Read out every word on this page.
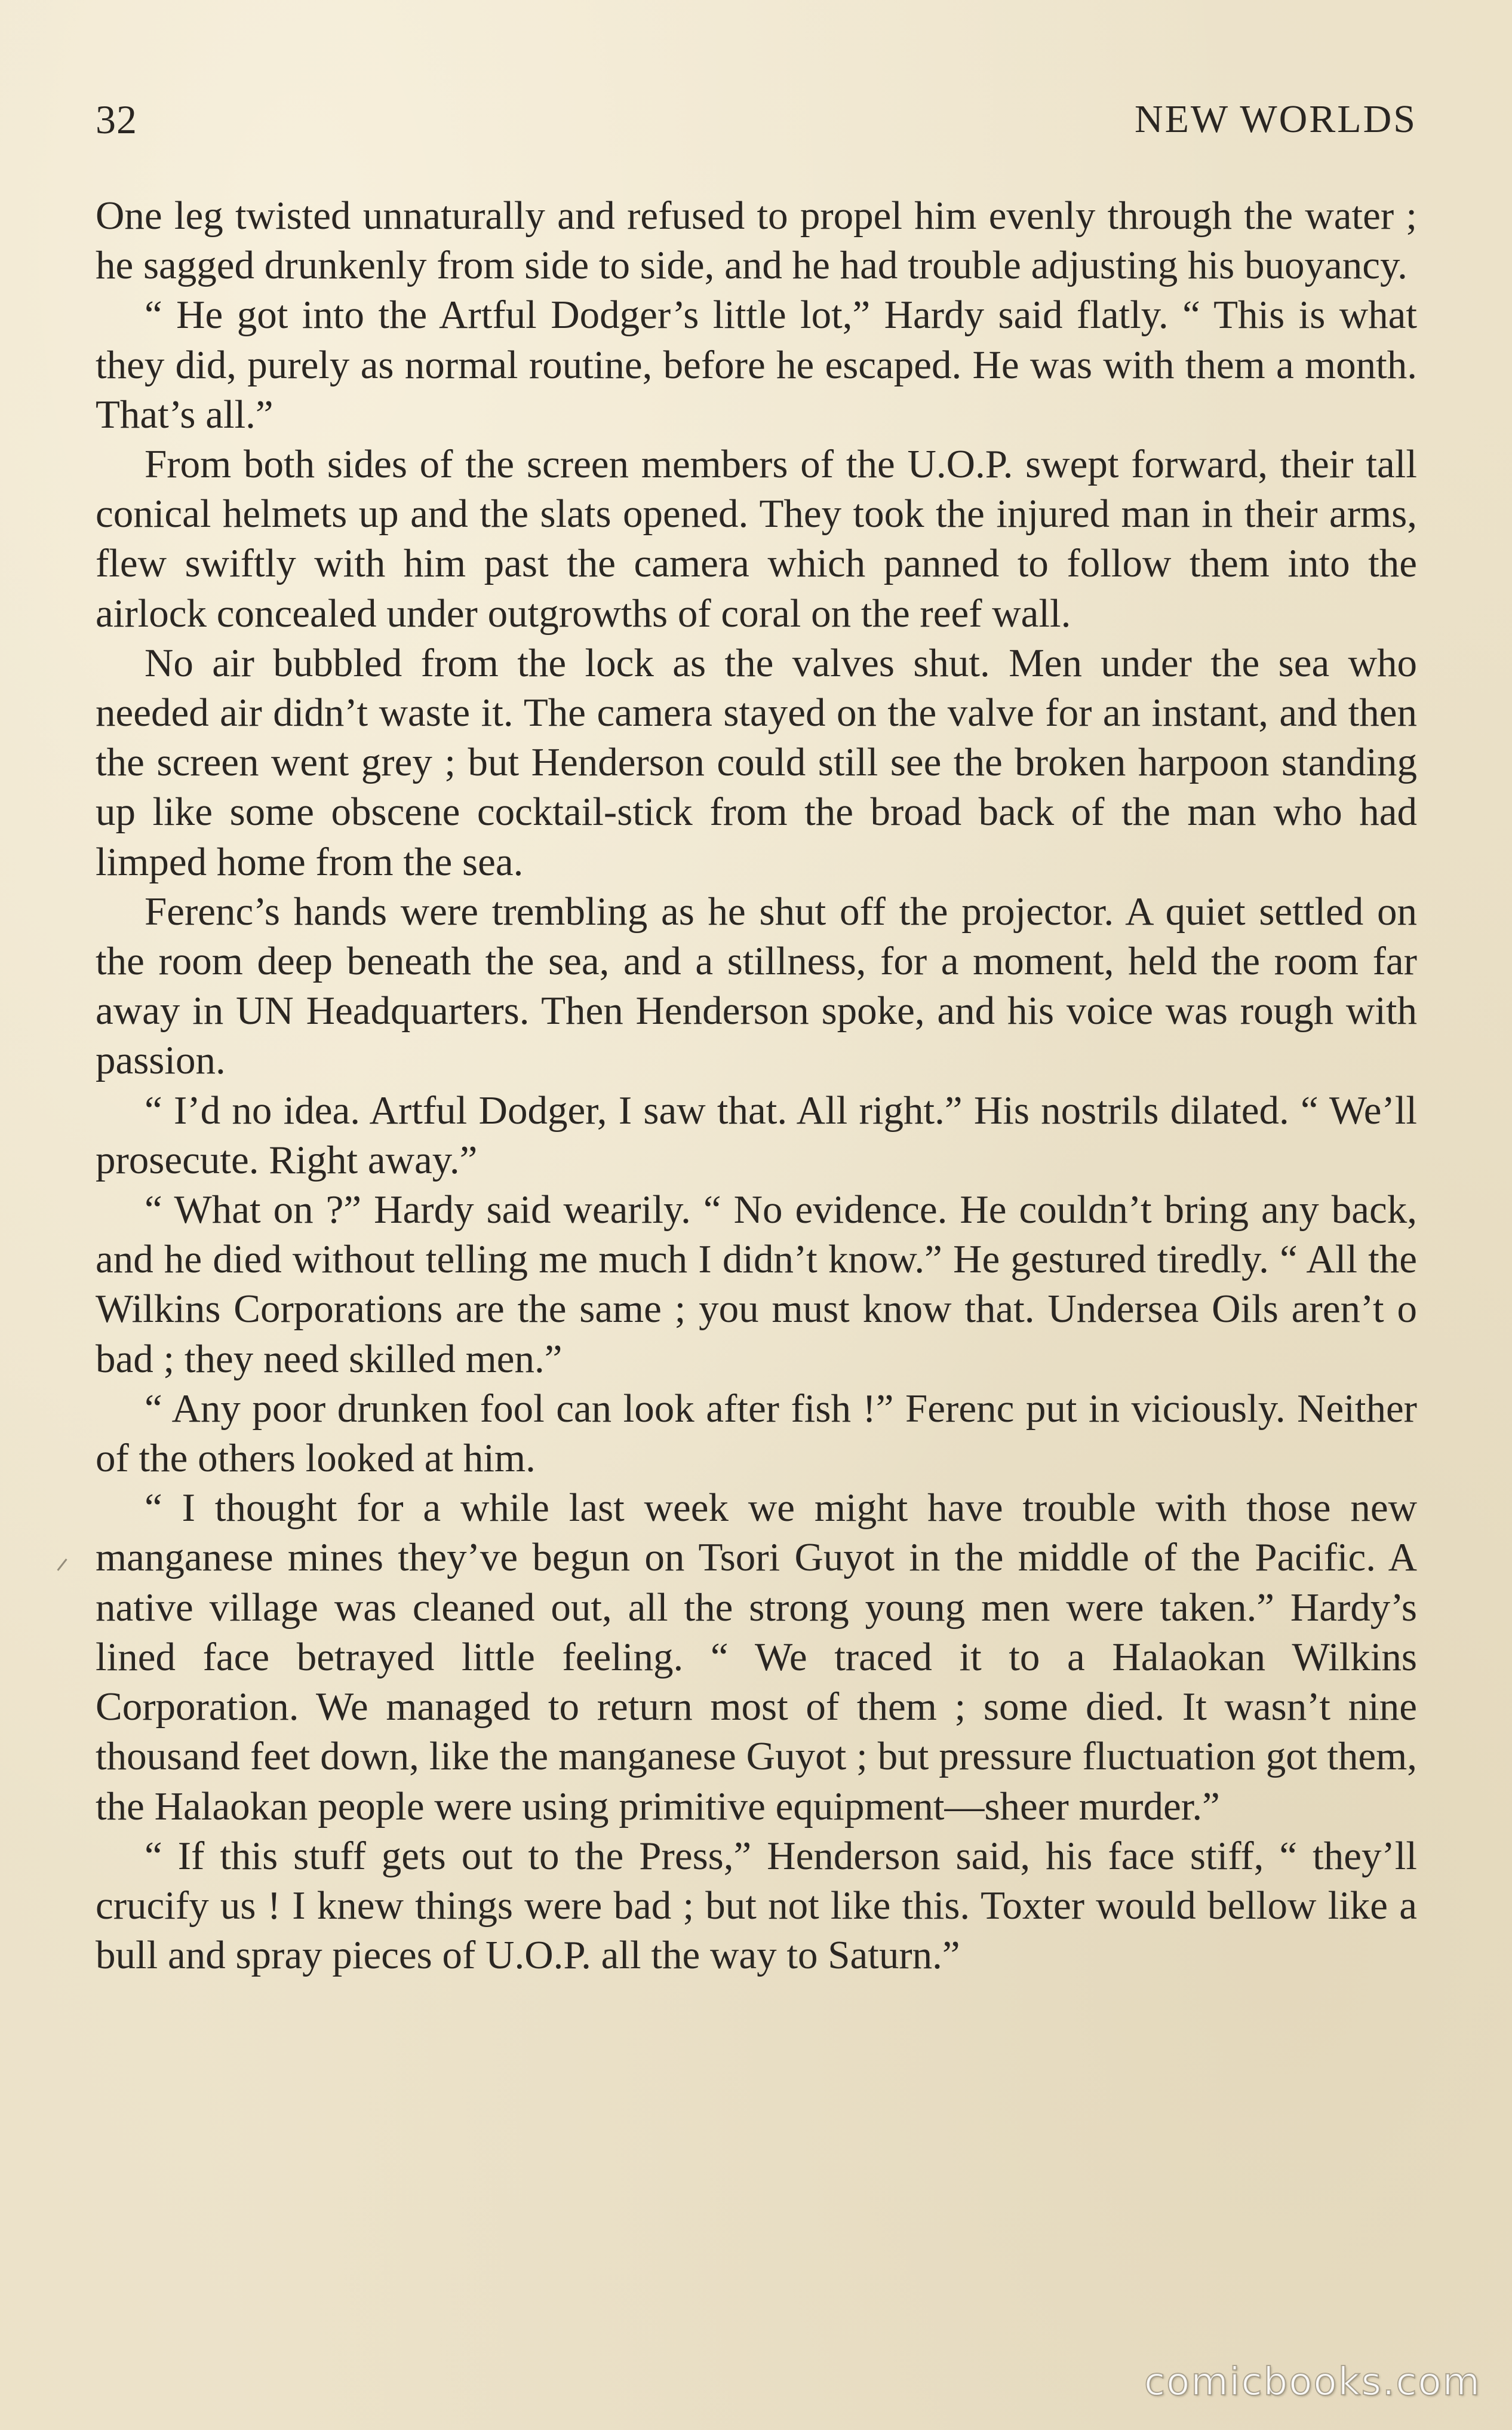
32	NEW WORLDS

One leg twisted unnaturally and refused to propel him evenly through the water ; he sagged drunkenly from side to side, and he had trouble adjusting his buoyancy.

“ He got into the Artful Dodger’s little lot,” Hardy said flatly. “ This is what they did, purely as normal routine, before he escaped. He was with them a month. That’s all.”

From both sides of the screen members of the U.O.P. swept forward, their tall conical helmets up and the slats opened. They took the injured man in their arms, flew swiftly with him past the camera which panned to follow them into the airlock concealed under outgrowths of coral on the reef wall.

No air bubbled from the lock as the valves shut. Men under the sea who needed air didn’t waste it. The camera stayed on the valve for an instant, and then the screen went grey ; but Henderson could still see the broken harpoon standing up like some obscene cocktail-stick from the broad back of the man who had limped home from the sea.

Ferenc’s hands were trembling as he shut off the projector. A quiet settled on the room deep beneath the sea, and a stillness, for a moment, held the room far away in UN Headquarters. Then Henderson spoke, and his voice was rough with passion.

“ I’d no idea. Artful Dodger, I saw that. All right.” His nostrils dilated. “ We’ll prosecute. Right away.”

“ What on ?” Hardy said wearily. “ No evidence. He couldn’t bring any back, and he died without telling me much I didn’t know.” He gestured tiredly. “ All the Wilkins Corporations are the same ; you must know that. Undersea Oils aren’t o bad ; they need skilled men.”

“ Any poor drunken fool can look after fish !” Ferenc put in viciously. Neither of the others looked at him.

“ I thought for a while last week we might have trouble with those new manganese mines they’ve begun on Tsori Guyot in the middle of the Pacific. A native village was cleaned out, all the strong young men were taken.” Hardy’s lined face betrayed little feeling. “ We traced it to a Halaokan Wilkins Corporation. We managed to return most of them ; some died. It wasn’t nine thousand feet down, like the manganese Guyot ; but pressure fluctuation got them, the Halaokan people were using primitive equipment—sheer murder.”

“ If this stuff gets out to the Press,” Henderson said, his face stiff, “ they’ll crucify us ! I knew things were bad ; but not like this. Toxter would bellow like a bull and spray pieces of U.O.P. all the way to Saturn.”

comicbooks.com
